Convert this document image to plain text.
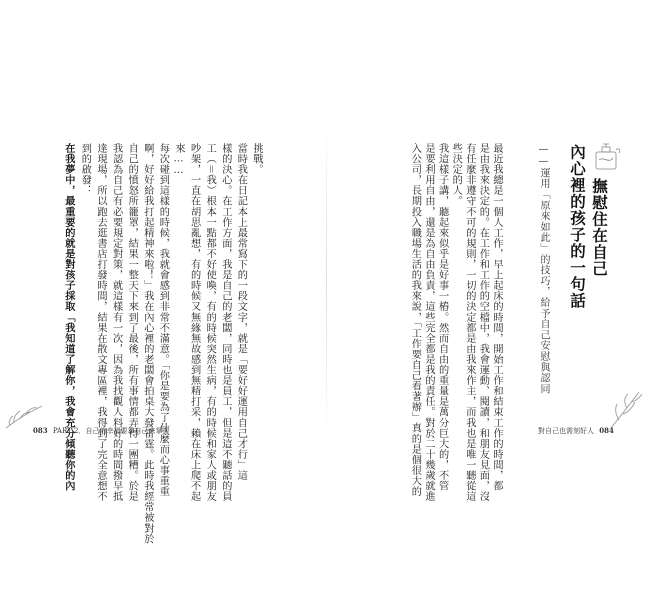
挑戰。
當時我在日記本上最常寫下的一段文字，就是「要好好運用自己才行」這
樣的決心。在工作方面，我是自己的老闆，同時也是員工，但是這不聽話的員
工（＝我）根本一點都不好使喚，有的時候突然生病，有的時候和家人或朋友
吵架，一直在胡思亂想，有的時候又無緣無故感到無精打采，賴在床上爬不起
來……
每次碰到這樣的時候，我就會感到非常不滿意。「你是要為了什麼而心事重重
啊，好好給我打起精神來啦！」我在內心裡的老闆會拍桌大發雷霆。此時我經常被對於
自己的憤怒所籠罩，結果一整天下來到了最後，所有事情都弄得一團糟。於是
我認為自己有必要規定對策，就這樣有一次，因為我找觀人料好的時間撥早抵
達現場，所以跑去逛書店打發時間，結果在散文專區裡，我得到了完全意想不
到的啟發：
在我夢中，最重要的就是對孩子採取「我知道了解你，我會充分傾聽你的內
083 PART 2．自己的幸福要靠自己來掌握
撫慰住在自己
內心裡的孩子的一句話
——運用「原來如此」的技巧，給予自己安慰與認同
最近我總是一個人工作，早上起床的時間，開始工作和結束工作的時間，都
是由我來決定的。在工作和工作的空檔中，我會運動、閱讀，和朋友見面，沒
有任麼非遵守不可的規則，一切的決定都是由我來作主，而我也是唯一聽從這
些決定的人。
我這樣子講，聽起來似乎是好事一樁。然而自由的重量是萬分巨大的，不管
是要利用自由，還是為自由負責，這些完全都是我的責任。對於二十幾歲就進
入公司，長期投入職場生活的我來說，「工作要自己看著辦」真的是個很大的	對自己也需刻好人 084
